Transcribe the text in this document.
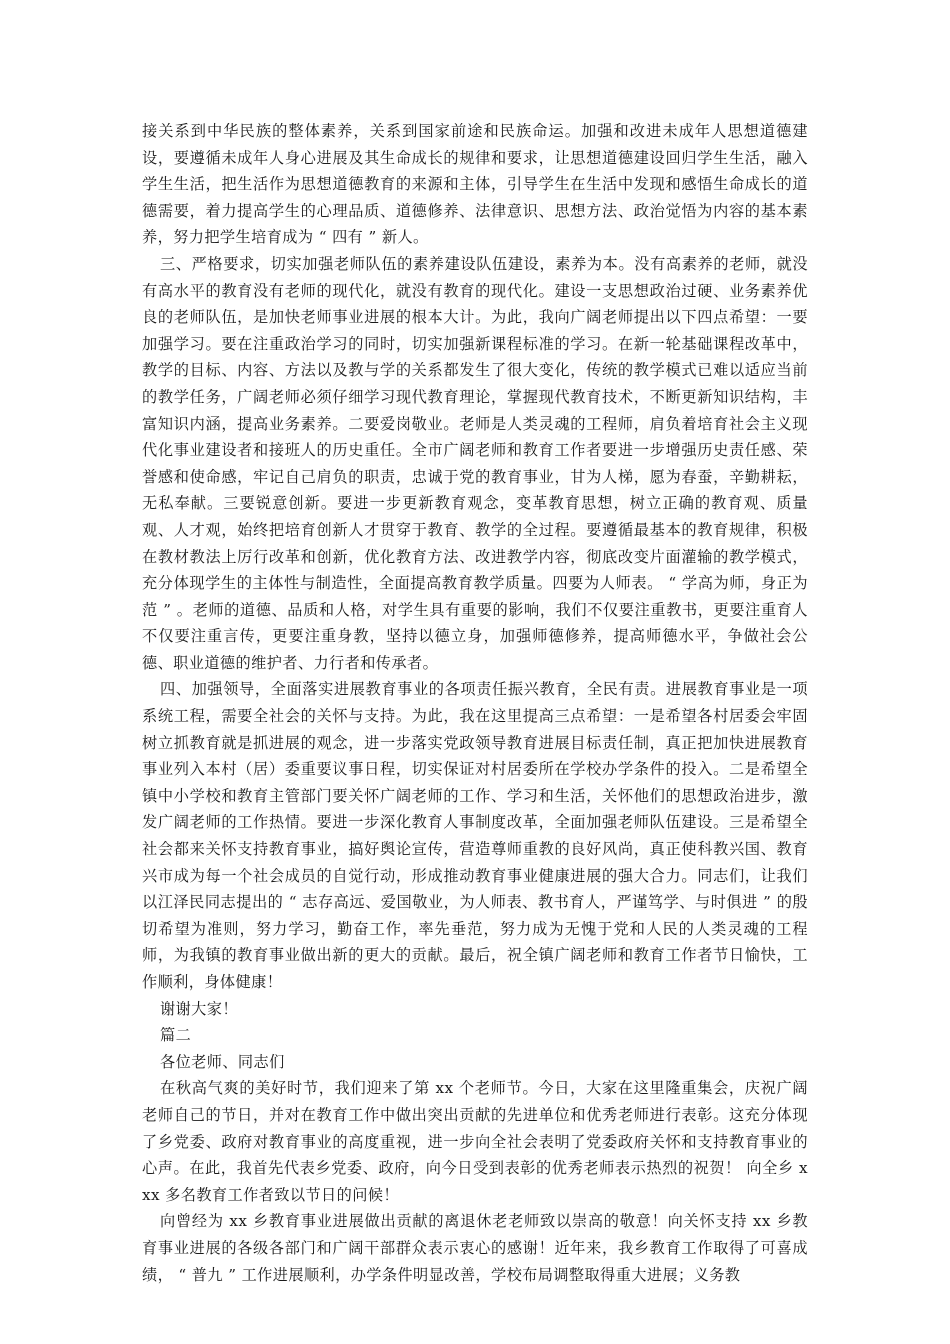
接关系到中华民族的整体素养，关系到国家前途和民族命运。加强和改进未成年人思想道德建设，要遵循未成年人身心进展及其生命成长的规律和要求，让思想道德建设回归学生生活，融入学生生活，把生活作为思想道德教育的来源和主体，引导学生在生活中发现和感悟生命成长的道德需要，着力提高学生的心理品质、道德修养、法律意识、思想方法、政治觉悟为内容的基本素养，努力把学生培育成为 “ 四有 ” 新人。

三、严格要求，切实加强老师队伍的素养建设队伍建设，素养为本。没有高素养的老师，就没有高水平的教育没有老师的现代化，就没有教育的现代化。建设一支思想政治过硬、业务素养优良的老师队伍，是加快老师事业进展的根本大计。为此，我向广阔老师提出以下四点希望：一要加强学习。要在注重政治学习的同时，切实加强新课程标准的学习。在新一轮基础课程改革中，教学的目标、内容、方法以及教与学的关系都发生了很大变化，传统的教学模式已难以适应当前的教学任务，广阔老师必须仔细学习现代教育理论，掌握现代教育技术，不断更新知识结构，丰富知识内涵，提高业务素养。二要爱岗敬业。老师是人类灵魂的工程师，肩负着培育社会主义现代化事业建设者和接班人的历史重任。全市广阔老师和教育工作者要进一步增强历史责任感、荣誉感和使命感，牢记自己肩负的职责，忠诚于党的教育事业，甘为人梯，愿为春蚕，辛勤耕耘，无私奉献。三要锐意创新。要进一步更新教育观念，变革教育思想，树立正确的教育观、质量观、人才观，始终把培育创新人才贯穿于教育、教学的全过程。要遵循最基本的教育规律，积极在教材教法上厉行改革和创新，优化教育方法、改进教学内容，彻底改变片面灌输的教学模式，充分体现学生的主体性与制造性，全面提高教育教学质量。四要为人师表。 “ 学高为师，身正为范 ” 。老师的道德、品质和人格，对学生具有重要的影响，我们不仅要注重教书，更要注重育人不仅要注重言传，更要注重身教，坚持以德立身，加强师德修养，提高师德水平，争做社会公德、职业道德的维护者、力行者和传承者。

四、加强领导，全面落实进展教育事业的各项责任振兴教育，全民有责。进展教育事业是一项系统工程，需要全社会的关怀与支持。为此，我在这里提高三点希望：一是希望各村居委会牢固树立抓教育就是抓进展的观念，进一步落实党政领导教育进展目标责任制，真正把加快进展教育事业列入本村（居）委重要议事日程，切实保证对村居委所在学校办学条件的投入。二是希望全镇中小学校和教育主管部门要关怀广阔老师的工作、学习和生活，关怀他们的思想政治进步，激发广阔老师的工作热情。要进一步深化教育人事制度改革，全面加强老师队伍建设。三是希望全社会都来关怀支持教育事业，搞好舆论宣传，营造尊师重教的良好风尚，真正使科教兴国、教育兴市成为每一个社会成员的自觉行动，形成推动教育事业健康进展的强大合力。同志们，让我们以江泽民同志提出的 “ 志存高远、爱国敬业，为人师表、教书育人，严谨笃学、与时俱进 ” 的殷切希望为准则，努力学习，勤奋工作，率先垂范，努力成为无愧于党和人民的人类灵魂的工程师，为我镇的教育事业做出新的更大的贡献。最后，祝全镇广阔老师和教育工作者节日愉快，工作顺利，身体健康！

谢谢大家！

篇二

各位老师、同志们

在秋高气爽的美好时节，我们迎来了第 xx 个老师节。今日，大家在这里隆重集会，庆祝广阔老师自己的节日，并对在教育工作中做出突出贡献的先进单位和优秀老师进行表彰。这充分体现了乡党委、政府对教育事业的高度重视，进一步向全社会表明了党委政府关怀和支持教育事业的心声。在此，我首先代表乡党委、政府，向今日受到表彰的优秀老师表示热烈的祝贺！ 向全乡 xxx 多名教育工作者致以节日的问候！

向曾经为 xx 乡教育事业进展做出贡献的离退休老老师致以崇高的敬意！向关怀支持 xx 乡教育事业进展的各级各部门和广阔干部群众表示衷心的感谢！近年来，我乡教育工作取得了可喜成绩， “ 普九 ” 工作进展顺利，办学条件明显改善，学校布局调整取得重大进展；义务教
